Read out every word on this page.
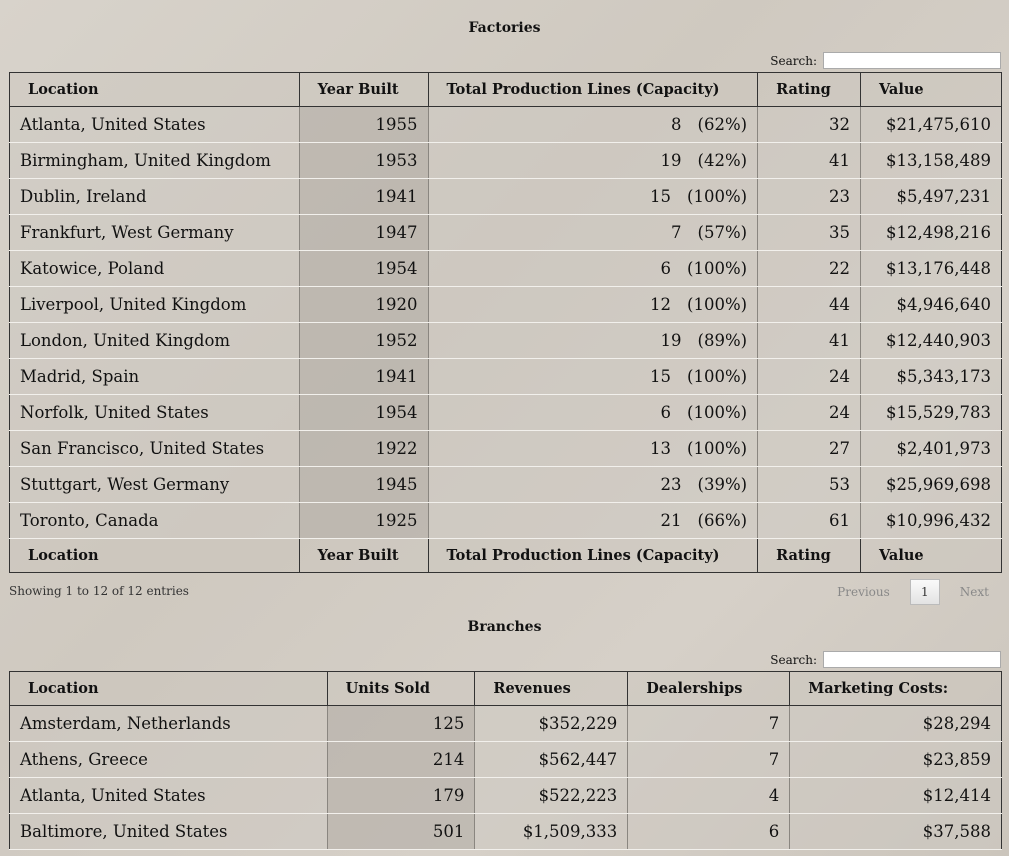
Factories
Search:
Location	Year Built	Total Production Lines (Capacity)	Rating	Value
Atlanta, United States	1955	8 (62%)	32	$21,475,610
Birmingham, United Kingdom	1953	19 (42%)	41	$13,158,489
Dublin, Ireland	1941	15 (100%)	23	$5,497,231
Frankfurt, West Germany	1947	7 (57%)	35	$12,498,216
Katowice, Poland	1954	6 (100%)	22	$13,176,448
Liverpool, United Kingdom	1920	12 (100%)	44	$4,946,640
London, United Kingdom	1952	19 (89%)	41	$12,440,903
Madrid, Spain	1941	15 (100%)	24	$5,343,173
Norfolk, United States	1954	6 (100%)	24	$15,529,783
San Francisco, United States	1922	13 (100%)	27	$2,401,973
Stuttgart, West Germany	1945	23 (39%)	53	$25,969,698
Toronto, Canada	1925	21 (66%)	61	$10,996,432
Location	Year Built	Total Production Lines (Capacity)	Rating	Value
Showing 1 to 12 of 12 entries	Previous	1	Next
Branches
Search:
Location	Units Sold	Revenues	Dealerships	Marketing Costs:
Amsterdam, Netherlands	125	$352,229	7	$28,294
Athens, Greece	214	$562,447	7	$23,859
Atlanta, United States	179	$522,223	4	$12,414
Baltimore, United States	501	$1,509,333	6	$37,588
